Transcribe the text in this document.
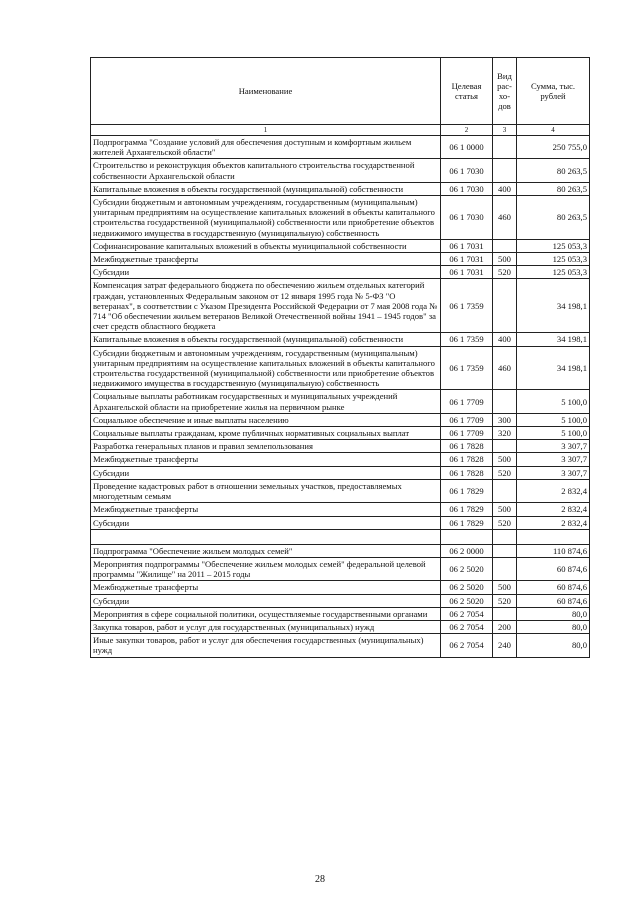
Наименование	Целевая статья	Вид рас-хо-дов	Сумма, тыс. рублей
1	2	3	4
Подпрограмма "Создание условий для обеспечения доступным и комфортным жильем жителей Архангельской области"	06 1 0000		250 755,0
Строительство и реконструкция объектов капитального строительства государственной собственности Архангельской области	06 1 7030		80 263,5
Капитальные вложения в объекты государственной (муниципальной) собственности	06 1 7030	400	80 263,5
Субсидии бюджетным и автономным учреждениям, государственным (муниципальным) унитарным предприятиям на осуществление капитальных вложений в объекты капитального строительства государственной (муниципальной) собственности или приобретение объектов недвижимого имущества в государственную (муниципальную) собственность	06 1 7030	460	80 263,5
Софинансирование капитальных вложений в объекты муниципальной собственности	06 1 7031		125 053,3
Межбюджетные трансферты	06 1 7031	500	125 053,3
Субсидии	06 1 7031	520	125 053,3
Компенсация затрат федерального бюджета по обеспечению жильем отдельных категорий граждан, установленных Федеральным законом от 12 января 1995 года № 5-ФЗ "О ветеранах", в соответствии с Указом Президента Российской Федерации от 7 мая 2008 года № 714 "Об обеспечении жильем ветеранов Великой Отечественной войны 1941 – 1945 годов" за счет средств областного бюджета	06 1 7359		34 198,1
Капитальные вложения в объекты государственной (муниципальной) собственности	06 1 7359	400	34 198,1
Субсидии бюджетным и автономным учреждениям, государственным (муниципальным) унитарным предприятиям на осуществление капитальных вложений в объекты капитального строительства государственной (муниципальной) собственности или приобретение объектов недвижимого имущества в государственную (муниципальную) собственность	06 1 7359	460	34 198,1
Социальные выплаты работникам государственных и муниципальных учреждений Архангельской области на приобретение жилья на первичном рынке	06 1 7709		5 100,0
Социальное обеспечение и иные выплаты населению	06 1 7709	300	5 100,0
Социальные выплаты гражданам, кроме публичных нормативных социальных выплат	06 1 7709	320	5 100,0
Разработка генеральных планов и правил землепользования	06 1 7828		3 307,7
Межбюджетные трансферты	06 1 7828	500	3 307,7
Субсидии	06 1 7828	520	3 307,7
Проведение кадастровых работ в отношении земельных участков, предоставляемых многодетным семьям	06 1 7829		2 832,4
Межбюджетные трансферты	06 1 7829	500	2 832,4
Субсидии	06 1 7829	520	2 832,4

Подпрограмма "Обеспечение жильем молодых семей"	06 2 0000		110 874,6
Мероприятия подпрограммы "Обеспечение жильем молодых семей" федеральной целевой программы "Жилище" на 2011 – 2015 годы	06 2 5020		60 874,6
Межбюджетные трансферты	06 2 5020	500	60 874,6
Субсидии	06 2 5020	520	60 874,6
Мероприятия в сфере социальной политики, осуществляемые государственными органами	06 2 7054		80,0
Закупка товаров, работ и услуг для государственных (муниципальных) нужд	06 2 7054	200	80,0
Иные закупки товаров, работ и услуг для обеспечения государственных (муниципальных) нужд	06 2 7054	240	80,0
28
